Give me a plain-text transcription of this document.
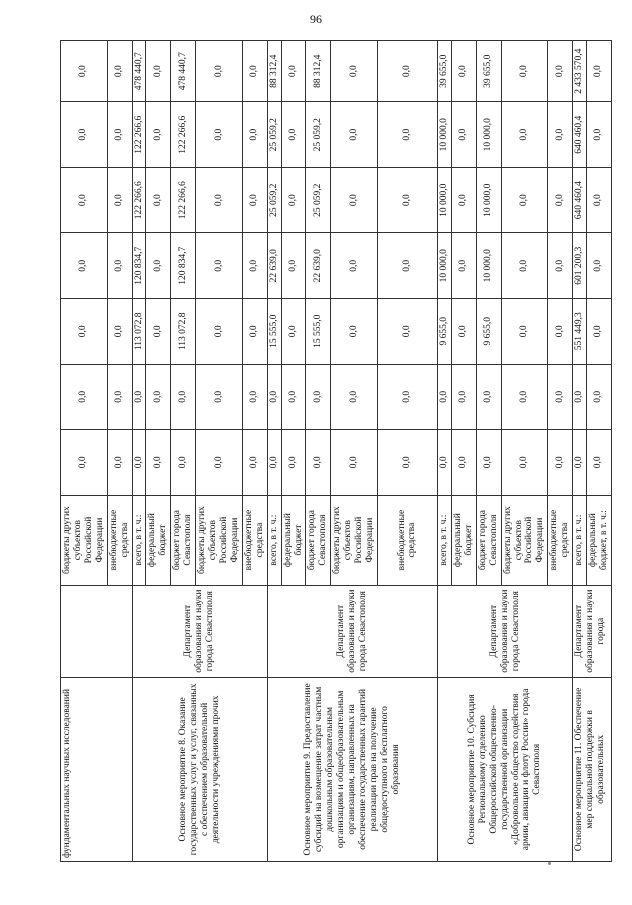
96
фундаментальных научных исследований		бюджеты других субъектов Российской Федерации	0,0	0,0	0,0	0,0	0,0	0,0	0,0
		внебюджетные средства	0,0	0,0	0,0	0,0	0,0	0,0	0,0
Основное мероприятие 8. Оказание государственных услуг и услуг, связанных с обеспечением образовательной деятельности учреждениями прочих	Департамент образования и науки города Севастополя	всего, в т. ч.:	0,0	0,0	113 072,8	120 834,7	122 266,6	122 266,6	478 440,7
		федеральный бюджет	0,0	0,0	0,0	0,0	0,0	0,0	0,0
		бюджет города Севастополя	0,0	0,0	113 072,8	120 834,7	122 266,6	122 266,6	478 440,7
		бюджеты других субъектов Российской Федерации	0,0	0,0	0,0	0,0	0,0	0,0	0,0
		внебюджетные средства	0,0	0,0	0,0	0,0	0,0	0,0	0,0
Основное мероприятие 9. Предоставление субсидий на возмещение затрат частным дошкольным образовательным организациям и общеобразовательным организациям, направленных на обеспечение государственных гарантий реализации прав на получение общедоступного и бесплатного образования	Департамент образования и науки города Севастополя	всего, в т. ч.:	0,0	0,0	15 555,0	22 639,0	25 059,2	25 059,2	88 312,4
		федеральный бюджет	0,0	0,0	0,0	0,0	0,0	0,0	0,0
		бюджет города Севастополя	0,0	0,0	15 555,0	22 639,0	25 059,2	25 059,2	88 312,4
		бюджеты других субъектов Российской Федерации	0,0	0,0	0,0	0,0	0,0	0,0	0,0
		внебюджетные средства	0,0	0,0	0,0	0,0	0,0	0,0	0,0
Основное мероприятие 10. Субсидия Региональному отделению Общероссийской общественно-государственной организации «Добровольное общество содействия армии, авиации и флоту России» города Севастополя	Департамент образования и науки города Севастополя	всего, в т. ч.:	0,0	0,0	9 655,0	10 000,0	10 000,0	10 000,0	39 655,0
		федеральный бюджет	0,0	0,0	0,0	0,0	0,0	0,0	0,0
		бюджет города Севастополя	0,0	0,0	9 655,0	10 000,0	10 000,0	10 000,0	39 655,0
		бюджеты других субъектов Российской Федерации	0,0	0,0	0,0	0,0	0,0	0,0	0,0
		внебюджетные средства	0,0	0,0	0,0	0,0	0,0	0,0	0,0
Основное мероприятие 11. Обеспечение мер социальной поддержки в образовательных	Департамент образования и науки города	всего, в т. ч.:	0,0	0,0	551 449,3	601 200,3	640 460,4	640 460,4	2 433 570,4
		федеральный бюджет, в т. ч.:	0,0	0,0	0,0	0,0	0,0	0,0	0,0
